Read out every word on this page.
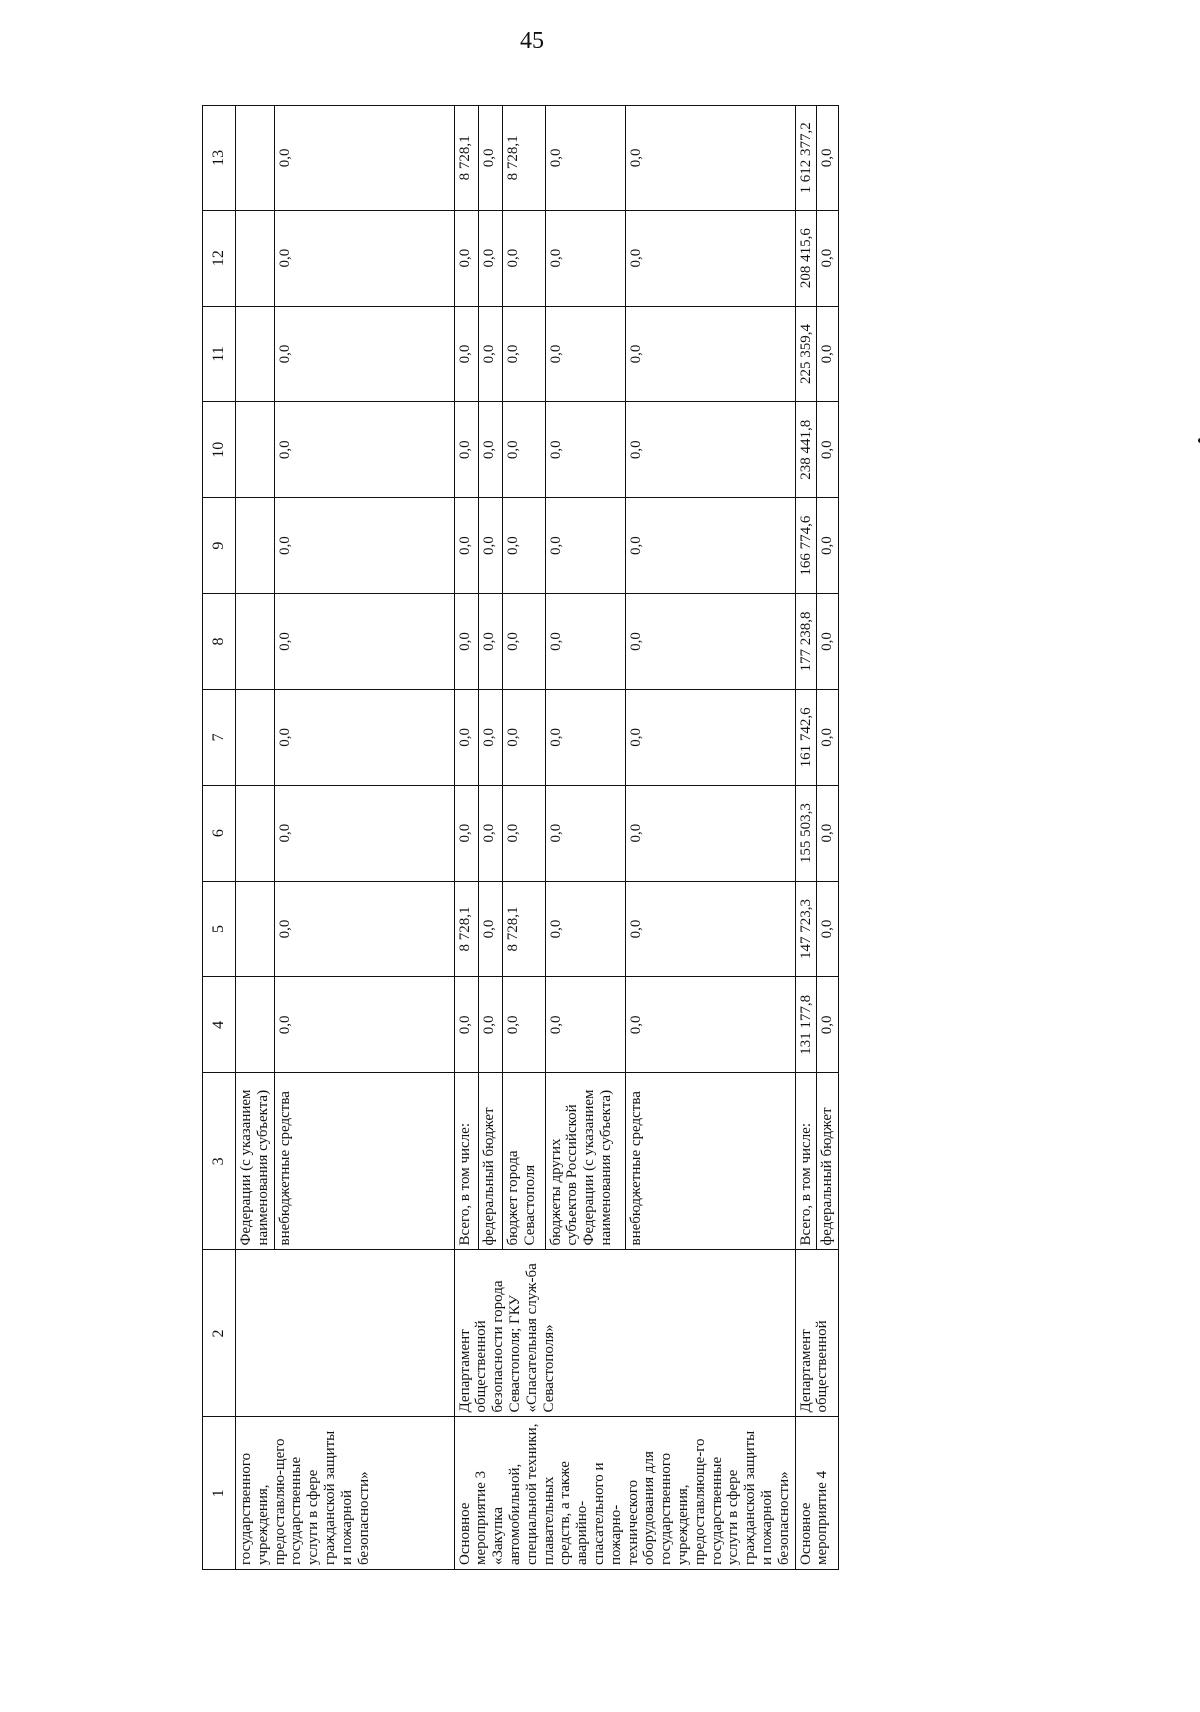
45
1	2	3	4	5	6	7	8	9	10	11	12	13
государственного учреждения, предоставляю-щего государственные услуги в сфере гражданской защиты и пожарной безопасности»		Федерации (с указанием наименования субъекта)										
		внебюджетные средства	0,0	0,0	0,0	0,0	0,0	0,0	0,0	0,0	0,0	0,0
Основное мероприятие 3 «Закупка автомобильной, специальной техники, плавательных средств, а также аварийно-спасательного и пожарно-технического оборудования для государственного учреждения, предоставляюще-го государственные услуги в сфере гражданской защиты и пожарной безопасности»	Департамент общественной безопасности города Севастополя; ГКУ «Спасательная служ-ба Севастополя»	Всего, в том числе:	0,0	8 728,1	0,0	0,0	0,0	0,0	0,0	0,0	0,0	8 728,1
		федеральный бюджет	0,0	0,0	0,0	0,0	0,0	0,0	0,0	0,0	0,0	0,0
		бюджет города Севастополя	0,0	8 728,1	0,0	0,0	0,0	0,0	0,0	0,0	0,0	8 728,1
		бюджеты других субъектов Российской Федерации (с указанием наименования субъекта)	0,0	0,0	0,0	0,0	0,0	0,0	0,0	0,0	0,0	0,0
		внебюджетные средства	0,0	0,0	0,0	0,0	0,0	0,0	0,0	0,0	0,0	0,0
Основное мероприятие 4	Департамент общественной	Всего, в том числе:	131 177,8	147 723,3	155 503,3	161 742,6	177 238,8	166 774,6	238 441,8	225 359,4	208 415,6	1 612 377,2
		федеральный бюджет	0,0	0,0	0,0	0,0	0,0	0,0	0,0	0,0	0,0	0,0
